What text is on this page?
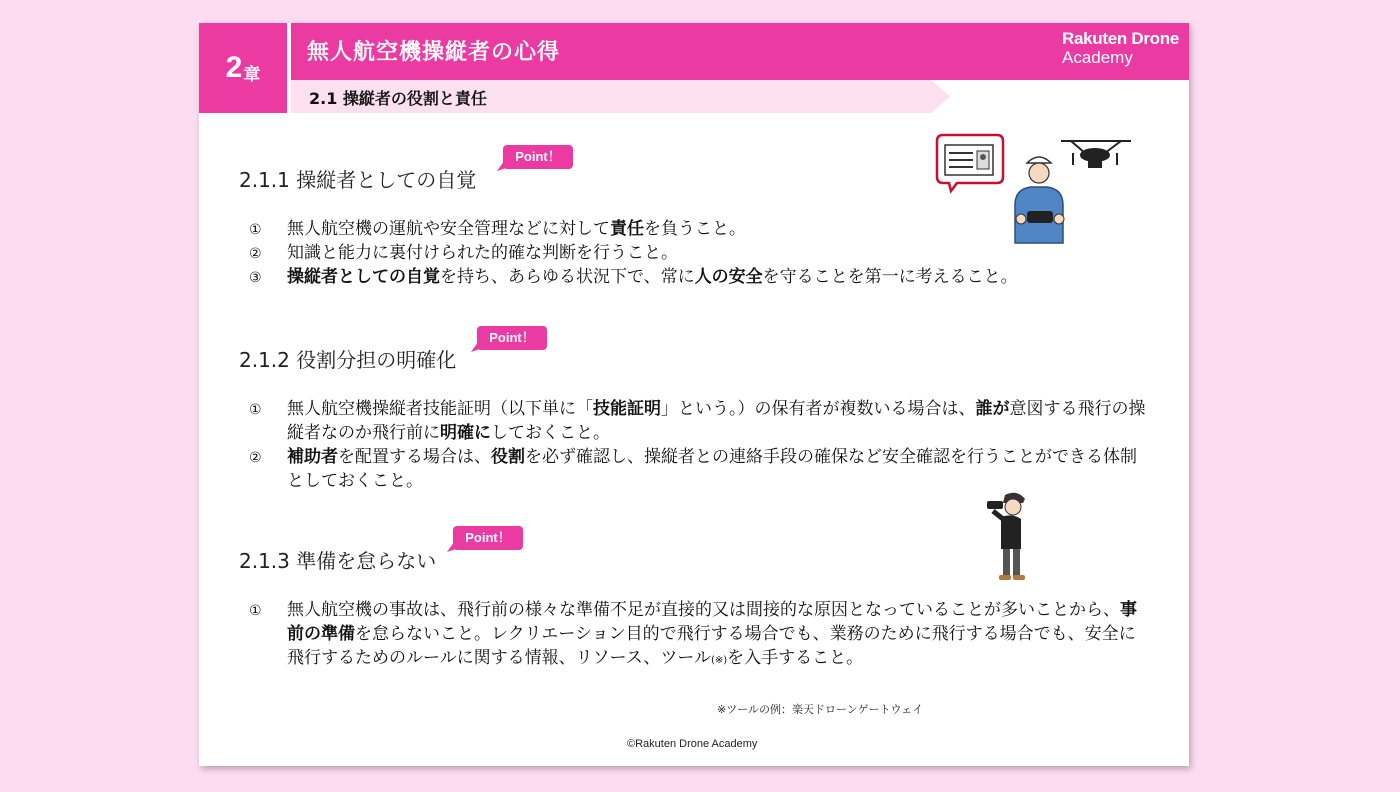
2 章
無人航空機操縦者の心得
Rakuten Drone
Academy
2.1 操縦者の役割と責任
2.1.1 操縦者としての自覚
Point！
①	無人航空機の運航や安全管理などに対して責任を負うこと。
②	知識と能力に裏付けられた的確な判断を行うこと。
③	操縦者としての自覚を持ち、あらゆる状況下で、常に人の安全を守ることを第一に考えること。
2.1.2 役割分担の明確化
Point！
①	無人航空機操縦者技能証明（以下単に「技能証明」という。）の保有者が複数いる場合は、誰が意図する飛行の操縦者なのか飛行前に明確にしておくこと。
②	補助者を配置する場合は、役割を必ず確認し、操縦者との連絡手段の確保など安全確認を行うことができる体制としておくこと。
2.1.3 準備を怠らない
Point！
①	無人航空機の事故は、飛行前の様々な準備不足が直接的又は間接的な原因となっていることが多いことから、事前の準備を怠らないこと。レクリエーション目的で飛行する場合でも、業務のために飛行する場合でも、安全に飛行するためのルールに関する情報、リソース、ツール(※)を入手すること。
※ツールの例：楽天ドローンゲートウェイ
©Rakuten Drone Academy
